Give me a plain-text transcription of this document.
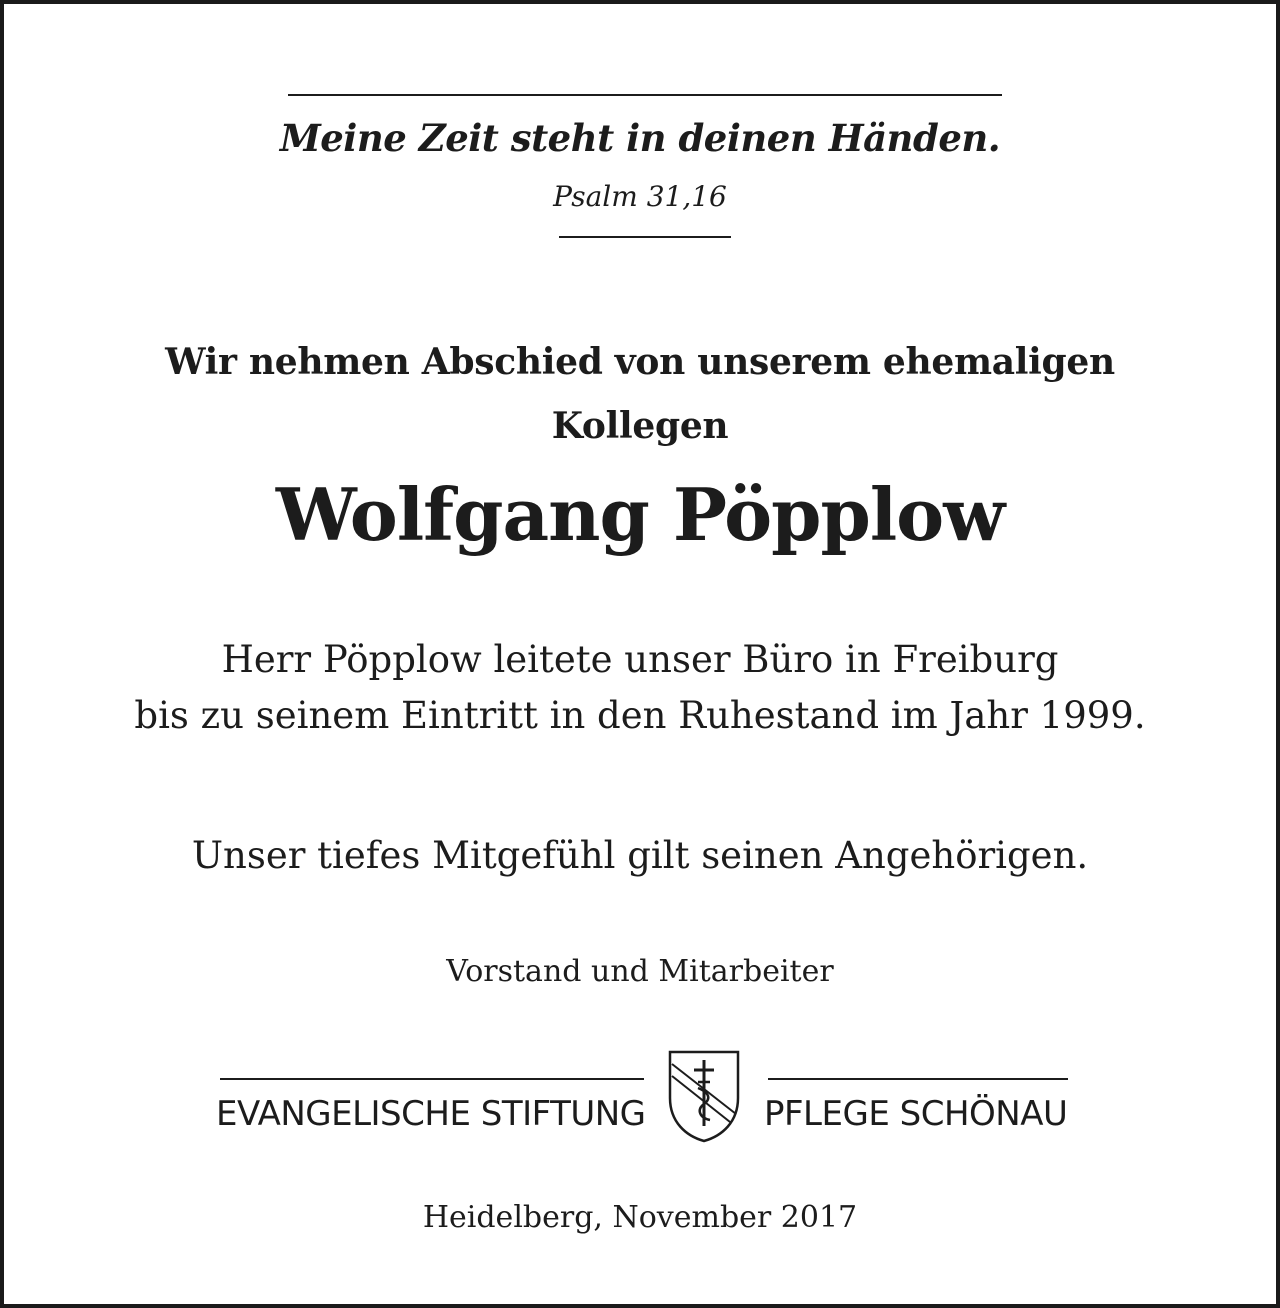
Meine Zeit steht in deinen Händen.
Psalm 31,16
Wir nehmen Abschied von unserem ehemaligen
Kollegen
Wolfgang Pöpplow
Herr Pöpplow leitete unser Büro in Freiburg
bis zu seinem Eintritt in den Ruhestand im Jahr 1999.
Unser tiefes Mitgefühl gilt seinen Angehörigen.
Vorstand und Mitarbeiter
EVANGELISCHE STIFTUNG	PFLEGE SCHÖNAU
Heidelberg, November 2017
